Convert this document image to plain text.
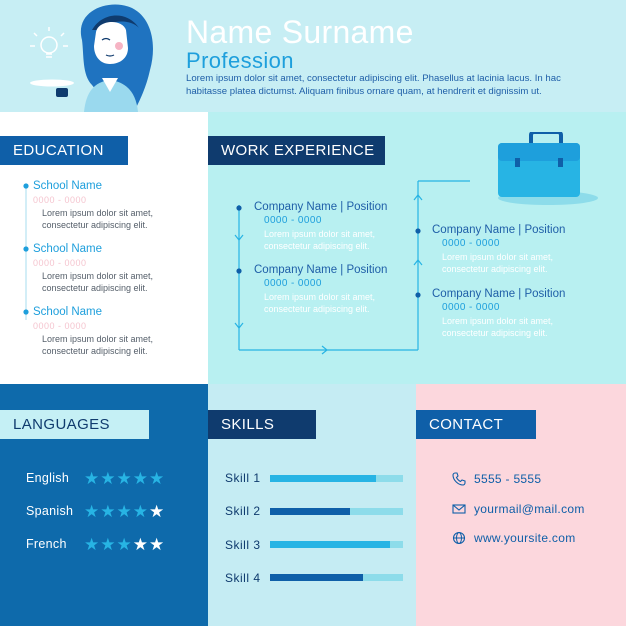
Name Surname
Profession
Lorem ipsum dolor sit amet, consectetur adipiscing elit. Phasellus at lacinia lacus. In hac habitasse platea dictumst. Aliquam finibus ornare quam, at hendrerit et dignissim ut.
EDUCATION
School Name
0000 - 0000
Lorem ipsum dolor sit amet, consectetur adipiscing elit.
School Name
0000 - 0000
Lorem ipsum dolor sit amet, consectetur adipiscing elit.
School Name
0000 - 0000
Lorem ipsum dolor sit amet, consectetur adipiscing elit.
WORK EXPERIENCE
Company Name | Position
0000 - 0000
Lorem ipsum dolor sit amet, consectetur adipiscing elit.
Company Name | Position
0000 - 0000
Lorem ipsum dolor sit amet, consectetur adipiscing elit.
Company Name | Position
0000 - 0000
Lorem ipsum dolor sit amet, consectetur adipiscing elit.
Company Name | Position
0000 - 0000
Lorem ipsum dolor sit amet, consectetur adipiscing elit.
LANGUAGES
English ★★★★★
Spanish ★★★★★
French ★★★★★
SKILLS
Skill 1
Skill 2
Skill 3
Skill 4
CONTACT
5555 - 5555
yourmail@mail.com
www.yoursite.com
